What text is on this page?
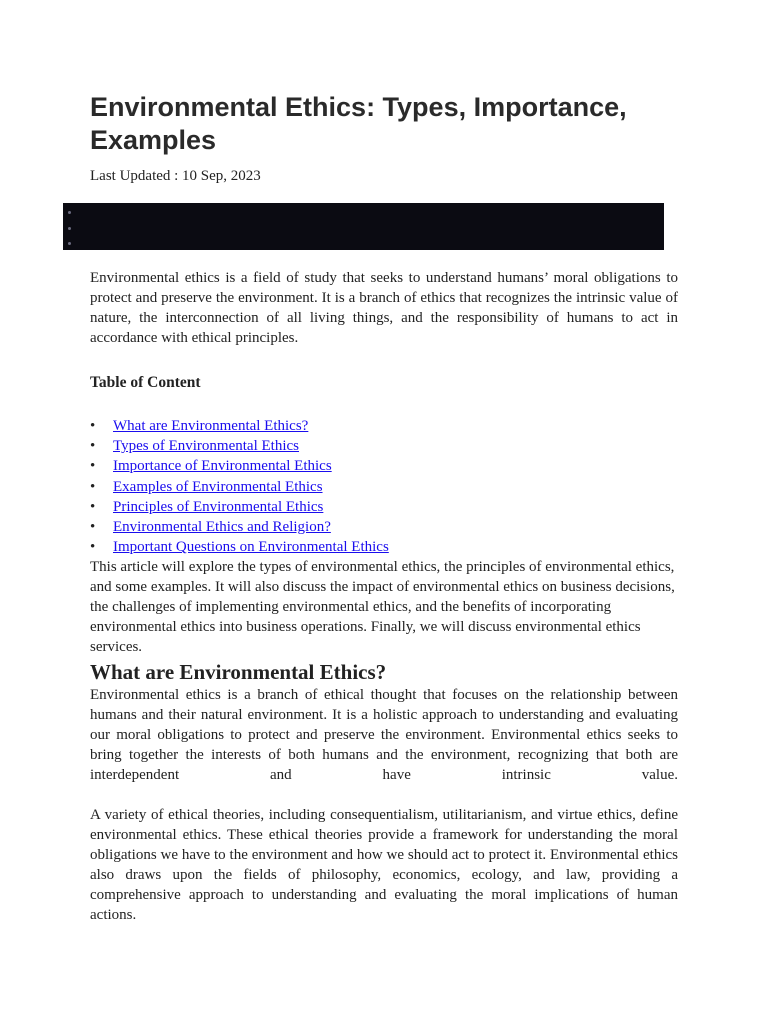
Environmental Ethics: Types, Importance, Examples
Last Updated : 10 Sep, 2023

Environmental ethics is a field of study that seeks to understand humans’ moral obligations to protect and preserve the environment. It is a branch of ethics that recognizes the intrinsic value of nature, the interconnection of all living things, and the responsibility of humans to act in accordance with ethical principles.

Table of Content

• What are Environmental Ethics?
• Types of Environmental Ethics
• Importance of Environmental Ethics
• Examples of Environmental Ethics
• Principles of Environmental Ethics
• Environmental Ethics and Religion?
• Important Questions on Environmental Ethics

This article will explore the types of environmental ethics, the principles of environmental ethics, and some examples. It will also discuss the impact of environmental ethics on business decisions, the challenges of implementing environmental ethics, and the benefits of incorporating environmental ethics into business operations. Finally, we will discuss environmental ethics services.

What are Environmental Ethics?

Environmental ethics is a branch of ethical thought that focuses on the relationship between humans and their natural environment. It is a holistic approach to understanding and evaluating our moral obligations to protect and preserve the environment. Environmental ethics seeks to bring together the interests of both humans and the environment, recognizing that both are interdependent and have intrinsic value.

A variety of ethical theories, including consequentialism, utilitarianism, and virtue ethics, define environmental ethics. These ethical theories provide a framework for understanding the moral obligations we have to the environment and how we should act to protect it. Environmental ethics also draws upon the fields of philosophy, economics, ecology, and law, providing a comprehensive approach to understanding and evaluating the moral implications of human actions.
